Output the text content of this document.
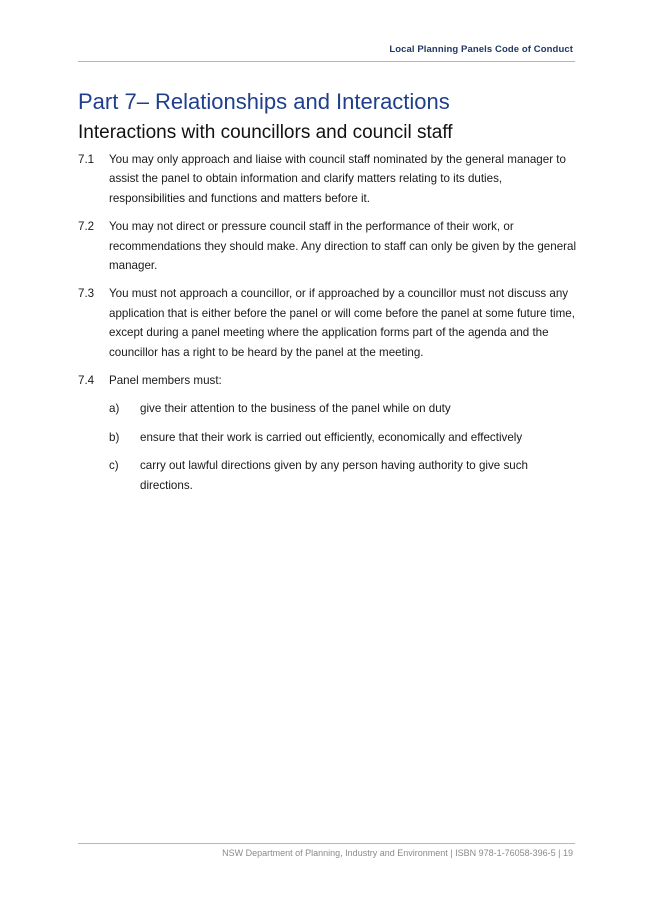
Local Planning Panels Code of Conduct
Part 7– Relationships and Interactions
Interactions with councillors and council staff
7.1	You may only approach and liaise with council staff nominated by the general manager to assist the panel to obtain information and clarify matters relating to its duties, responsibilities and functions and matters before it.
7.2	You may not direct or pressure council staff in the performance of their work, or recommendations they should make. Any direction to staff can only be given by the general manager.
7.3	You must not approach a councillor, or if approached by a councillor must not discuss any application that is either before the panel or will come before the panel at some future time, except during a panel meeting where the application forms part of the agenda and the councillor has a right to be heard by the panel at the meeting.
7.4	Panel members must:
a)	give their attention to the business of the panel while on duty
b)	ensure that their work is carried out efficiently, economically and effectively
c)	carry out lawful directions given by any person having authority to give such directions.
NSW Department of Planning, Industry and Environment | ISBN 978-1-76058-396-5 | 19
